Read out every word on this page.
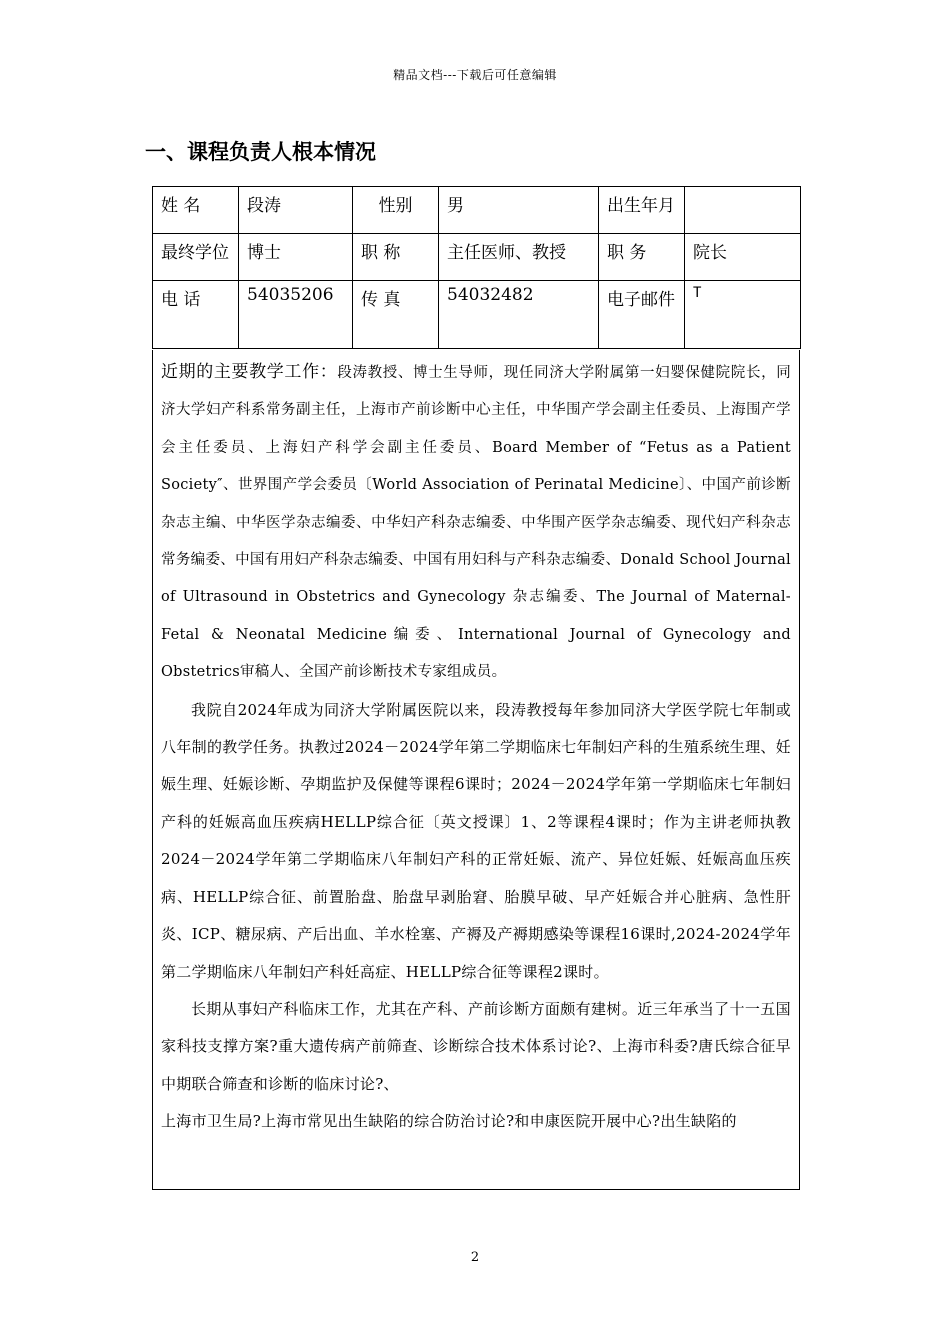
精品文档---下载后可任意编辑
一、课程负责人根本情况
姓 名	段涛	性别	男	出生年月	
最终学位	博士	职 称	主任医师、教授	职 务	院长
电 话	54035206	传 真	54032482	电子邮件	T

近期的主要教学工作：段涛教授、博士生导师，现任同济大学附属第一妇婴保健院院长，同济大学妇产科系常务副主任，上海市产前诊断中心主任，中华围产学会副主任委员、上海围产学会主任委员、上海妇产科学会副主任委员、Board Member of “Fetus as a Patient Society″、世界围产学会委员〔World Association of Perinatal Medicine〕、中国产前诊断杂志主编、中华医学杂志编委、中华妇产科杂志编委、中华围产医学杂志编委、现代妇产科杂志常务编委、中国有用妇产科杂志编委、中国有用妇科与产科杂志编委、Donald School Journal of Ultrasound in Obstetrics and Gynecology 杂志编委、The Journal of Maternal-Fetal & Neonatal Medicine编委、International Journal of Gynecology and Obstetrics审稿人、全国产前诊断技术专家组成员。

我院自2024年成为同济大学附属医院以来，段涛教授每年参加同济大学医学院七年制或八年制的教学任务。执教过2024－2024学年第二学期临床七年制妇产科的生殖系统生理、妊娠生理、妊娠诊断、孕期监护及保健等课程6课时；2024－2024学年第一学期临床七年制妇产科的妊娠高血压疾病HELLP综合征〔英文授课〕1、2等课程4课时；作为主讲老师执教2024－2024学年第二学期临床八年制妇产科的正常妊娠、流产、异位妊娠、妊娠高血压疾病、HELLP综合征、前置胎盘、胎盘早剥胎窘、胎膜早破、早产妊娠合并心脏病、急性肝炎、ICP、糖尿病、产后出血、羊水栓塞、产褥及产褥期感染等课程16课时,2024-2024学年第二学期临床八年制妇产科妊高症、HELLP综合征等课程2课时。

长期从事妇产科临床工作，尤其在产科、产前诊断方面颇有建树。近三年承当了十一五国家科技支撑方案?重大遗传病产前筛查、诊断综合技术体系讨论?、上海市科委?唐氏综合征早中期联合筛查和诊断的临床讨论?、

上海市卫生局?上海市常见出生缺陷的综合防治讨论?和申康医院开展中心?出生缺陷的

2
